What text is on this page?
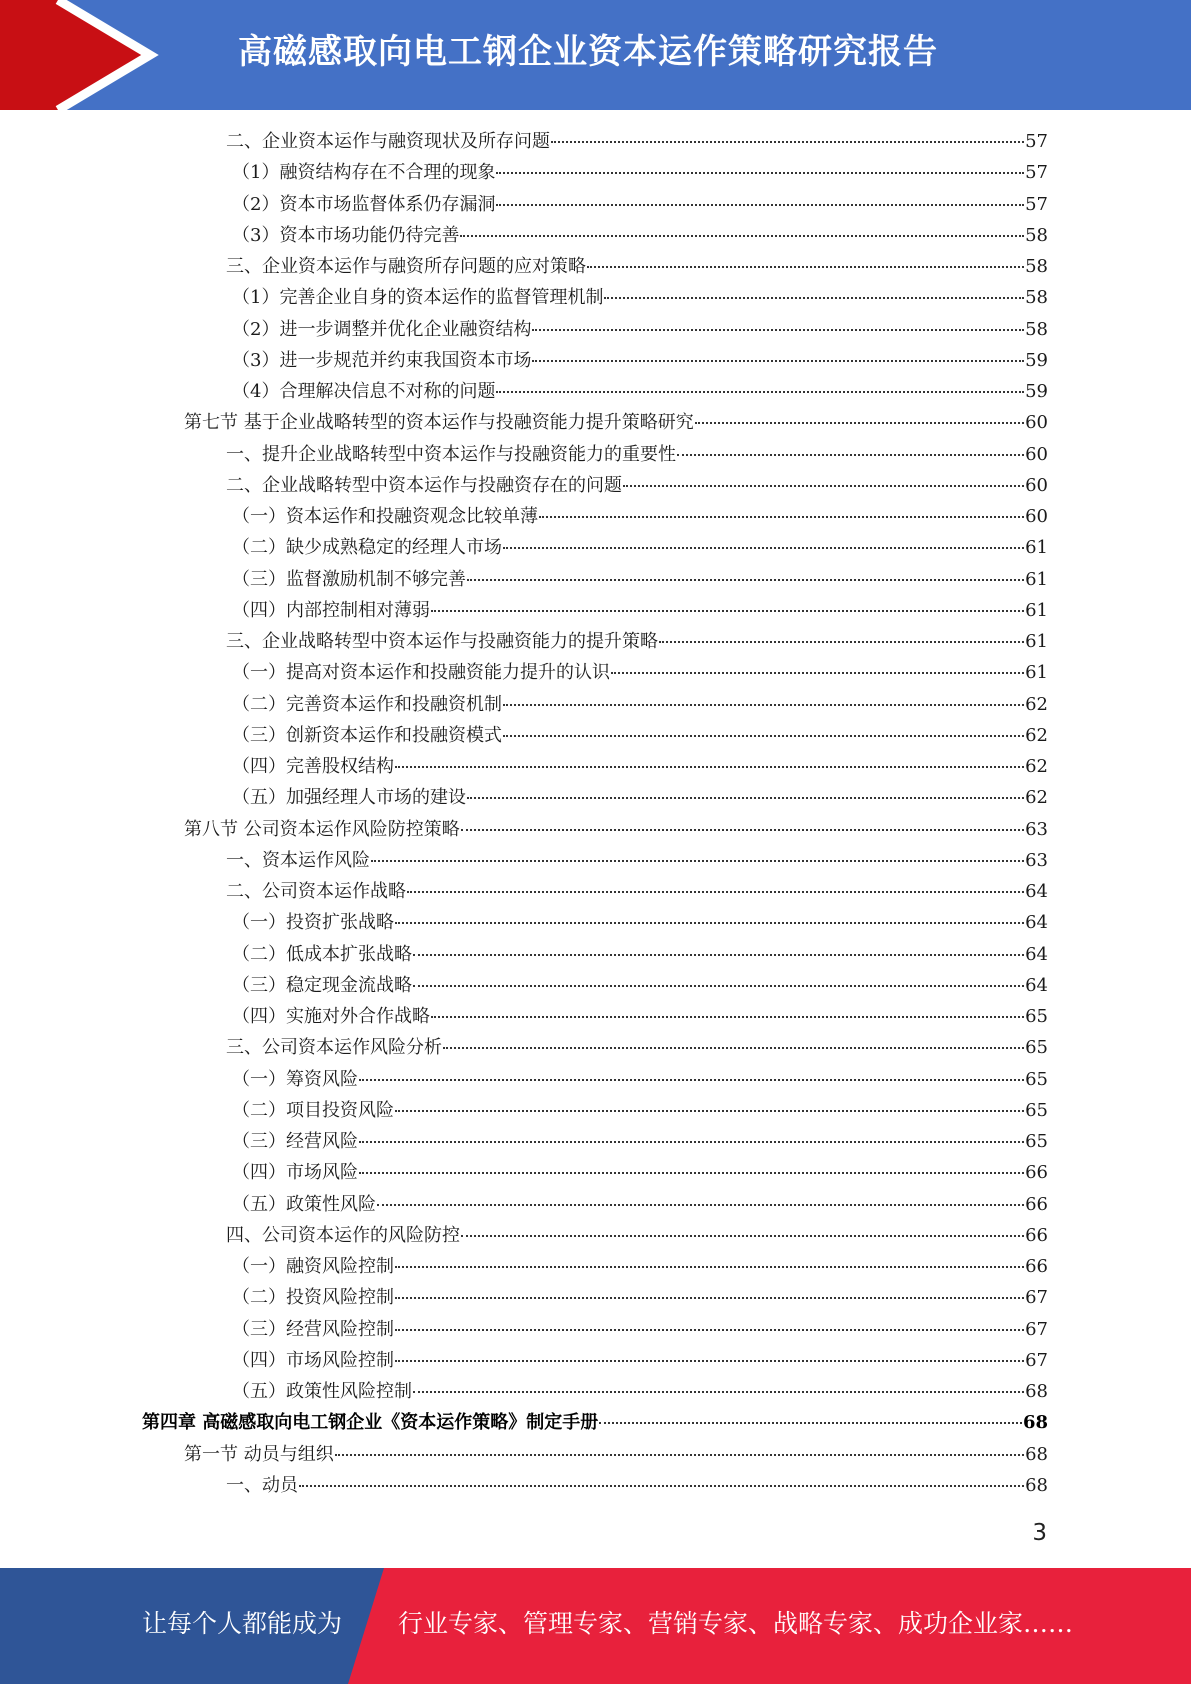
高磁感取向电工钢企业资本运作策略研究报告
二、企业资本运作与融资现状及所存问题	57
（1）融资结构存在不合理的现象	57
（2）资本市场监督体系仍存漏洞	57
（3）资本市场功能仍待完善	58
三、企业资本运作与融资所存问题的应对策略	58
（1）完善企业自身的资本运作的监督管理机制	58
（2）进一步调整并优化企业融资结构	58
（3）进一步规范并约束我国资本市场	59
（4）合理解决信息不对称的问题	59
第七节 基于企业战略转型的资本运作与投融资能力提升策略研究	60
一、提升企业战略转型中资本运作与投融资能力的重要性	60
二、企业战略转型中资本运作与投融资存在的问题	60
（一）资本运作和投融资观念比较单薄	60
（二）缺少成熟稳定的经理人市场	61
（三）监督激励机制不够完善	61
（四）内部控制相对薄弱	61
三、企业战略转型中资本运作与投融资能力的提升策略	61
（一）提高对资本运作和投融资能力提升的认识	61
（二）完善资本运作和投融资机制	62
（三）创新资本运作和投融资模式	62
（四）完善股权结构	62
（五）加强经理人市场的建设	62
第八节 公司资本运作风险防控策略	63
一、资本运作风险	63
二、公司资本运作战略	64
（一）投资扩张战略	64
（二）低成本扩张战略	64
（三）稳定现金流战略	64
（四）实施对外合作战略	65
三、公司资本运作风险分析	65
（一）筹资风险	65
（二）项目投资风险	65
（三）经营风险	65
（四）市场风险	66
（五）政策性风险	66
四、公司资本运作的风险防控	66
（一）融资风险控制	66
（二）投资风险控制	67
（三）经营风险控制	67
（四）市场风险控制	67
（五）政策性风险控制	68
第四章 高磁感取向电工钢企业《资本运作策略》制定手册	68
第一节 动员与组织	68
一、动员	68
3
让每个人都能成为 行业专家、管理专家、营销专家、战略专家、成功企业家……
